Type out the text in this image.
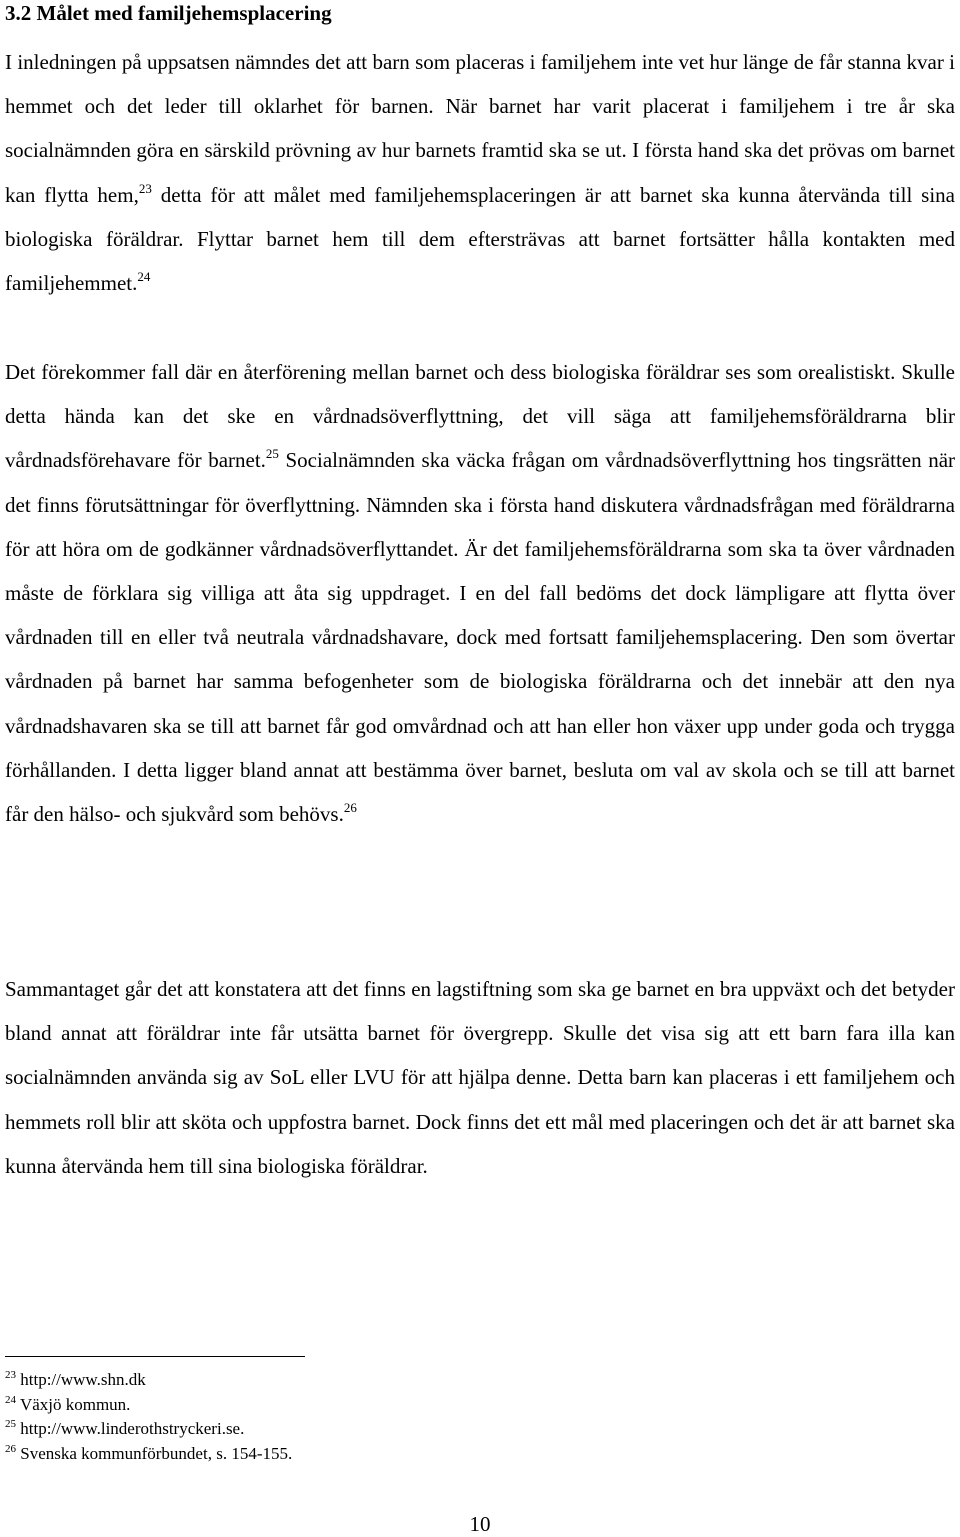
3.2 Målet med familjehemsplacering

I inledningen på uppsatsen nämndes det att barn som placeras i familjehem inte vet hur länge de får stanna kvar i hemmet och det leder till oklarhet för barnen. När barnet har varit placerat i familjehem i tre år ska socialnämnden göra en särskild prövning av hur barnets framtid ska se ut. I första hand ska det prövas om barnet kan flytta hem,$^{23}$ detta för att målet med familjehemsplaceringen är att barnet ska kunna återvända till sina biologiska föräldrar. Flyttar barnet hem till dem eftersträvas att barnet fortsätter hålla kontakten med familjehemmet.$^{24}$

Det förekommer fall där en återförening mellan barnet och dess biologiska föräldrar ses som orealistiskt. Skulle detta hända kan det ske en vårdnadsöverflyttning, det vill säga att familjehemsföräldrarna blir vårdnadsförehavare för barnet.$^{25}$ Socialnämnden ska väcka frågan om vårdnadsöverflyttning hos tingsrätten när det finns förutsättningar för överflyttning. Nämnden ska i första hand diskutera vårdnadsfrågan med föräldrarna för att höra om de godkänner vårdnadsöverflyttandet. Är det familjehemsföräldrarna som ska ta över vårdnaden måste de förklara sig villiga att åta sig uppdraget. I en del fall bedöms det dock lämpligare att flytta över vårdnaden till en eller två neutrala vårdnadshavare, dock med fortsatt familjehemsplacering. Den som övertar vårdnaden på barnet har samma befogenheter som de biologiska föräldrarna och det innebär att den nya vårdnadshavaren ska se till att barnet får god omvårdnad och att han eller hon växer upp under goda och trygga förhållanden. I detta ligger bland annat att bestämma över barnet, besluta om val av skola och se till att barnet får den hälso- och sjukvård som behövs.$^{26}$

Sammantaget går det att konstatera att det finns en lagstiftning som ska ge barnet en bra uppväxt och det betyder bland annat att föräldrar inte får utsätta barnet för övergrepp. Skulle det visa sig att ett barn fara illa kan socialnämnden använda sig av SoL eller LVU för att hjälpa denne. Detta barn kan placeras i ett familjehem och hemmets roll blir att sköta och uppfostra barnet. Dock finns det ett mål med placeringen och det är att barnet ska kunna återvända hem till sina biologiska föräldrar.

$^{23}$ http://www.shn.dk
$^{24}$ Växjö kommun.
$^{25}$ http://www.linderothstryckeri.se.
$^{26}$ Svenska kommunförbundet, s. 154-155.
10
